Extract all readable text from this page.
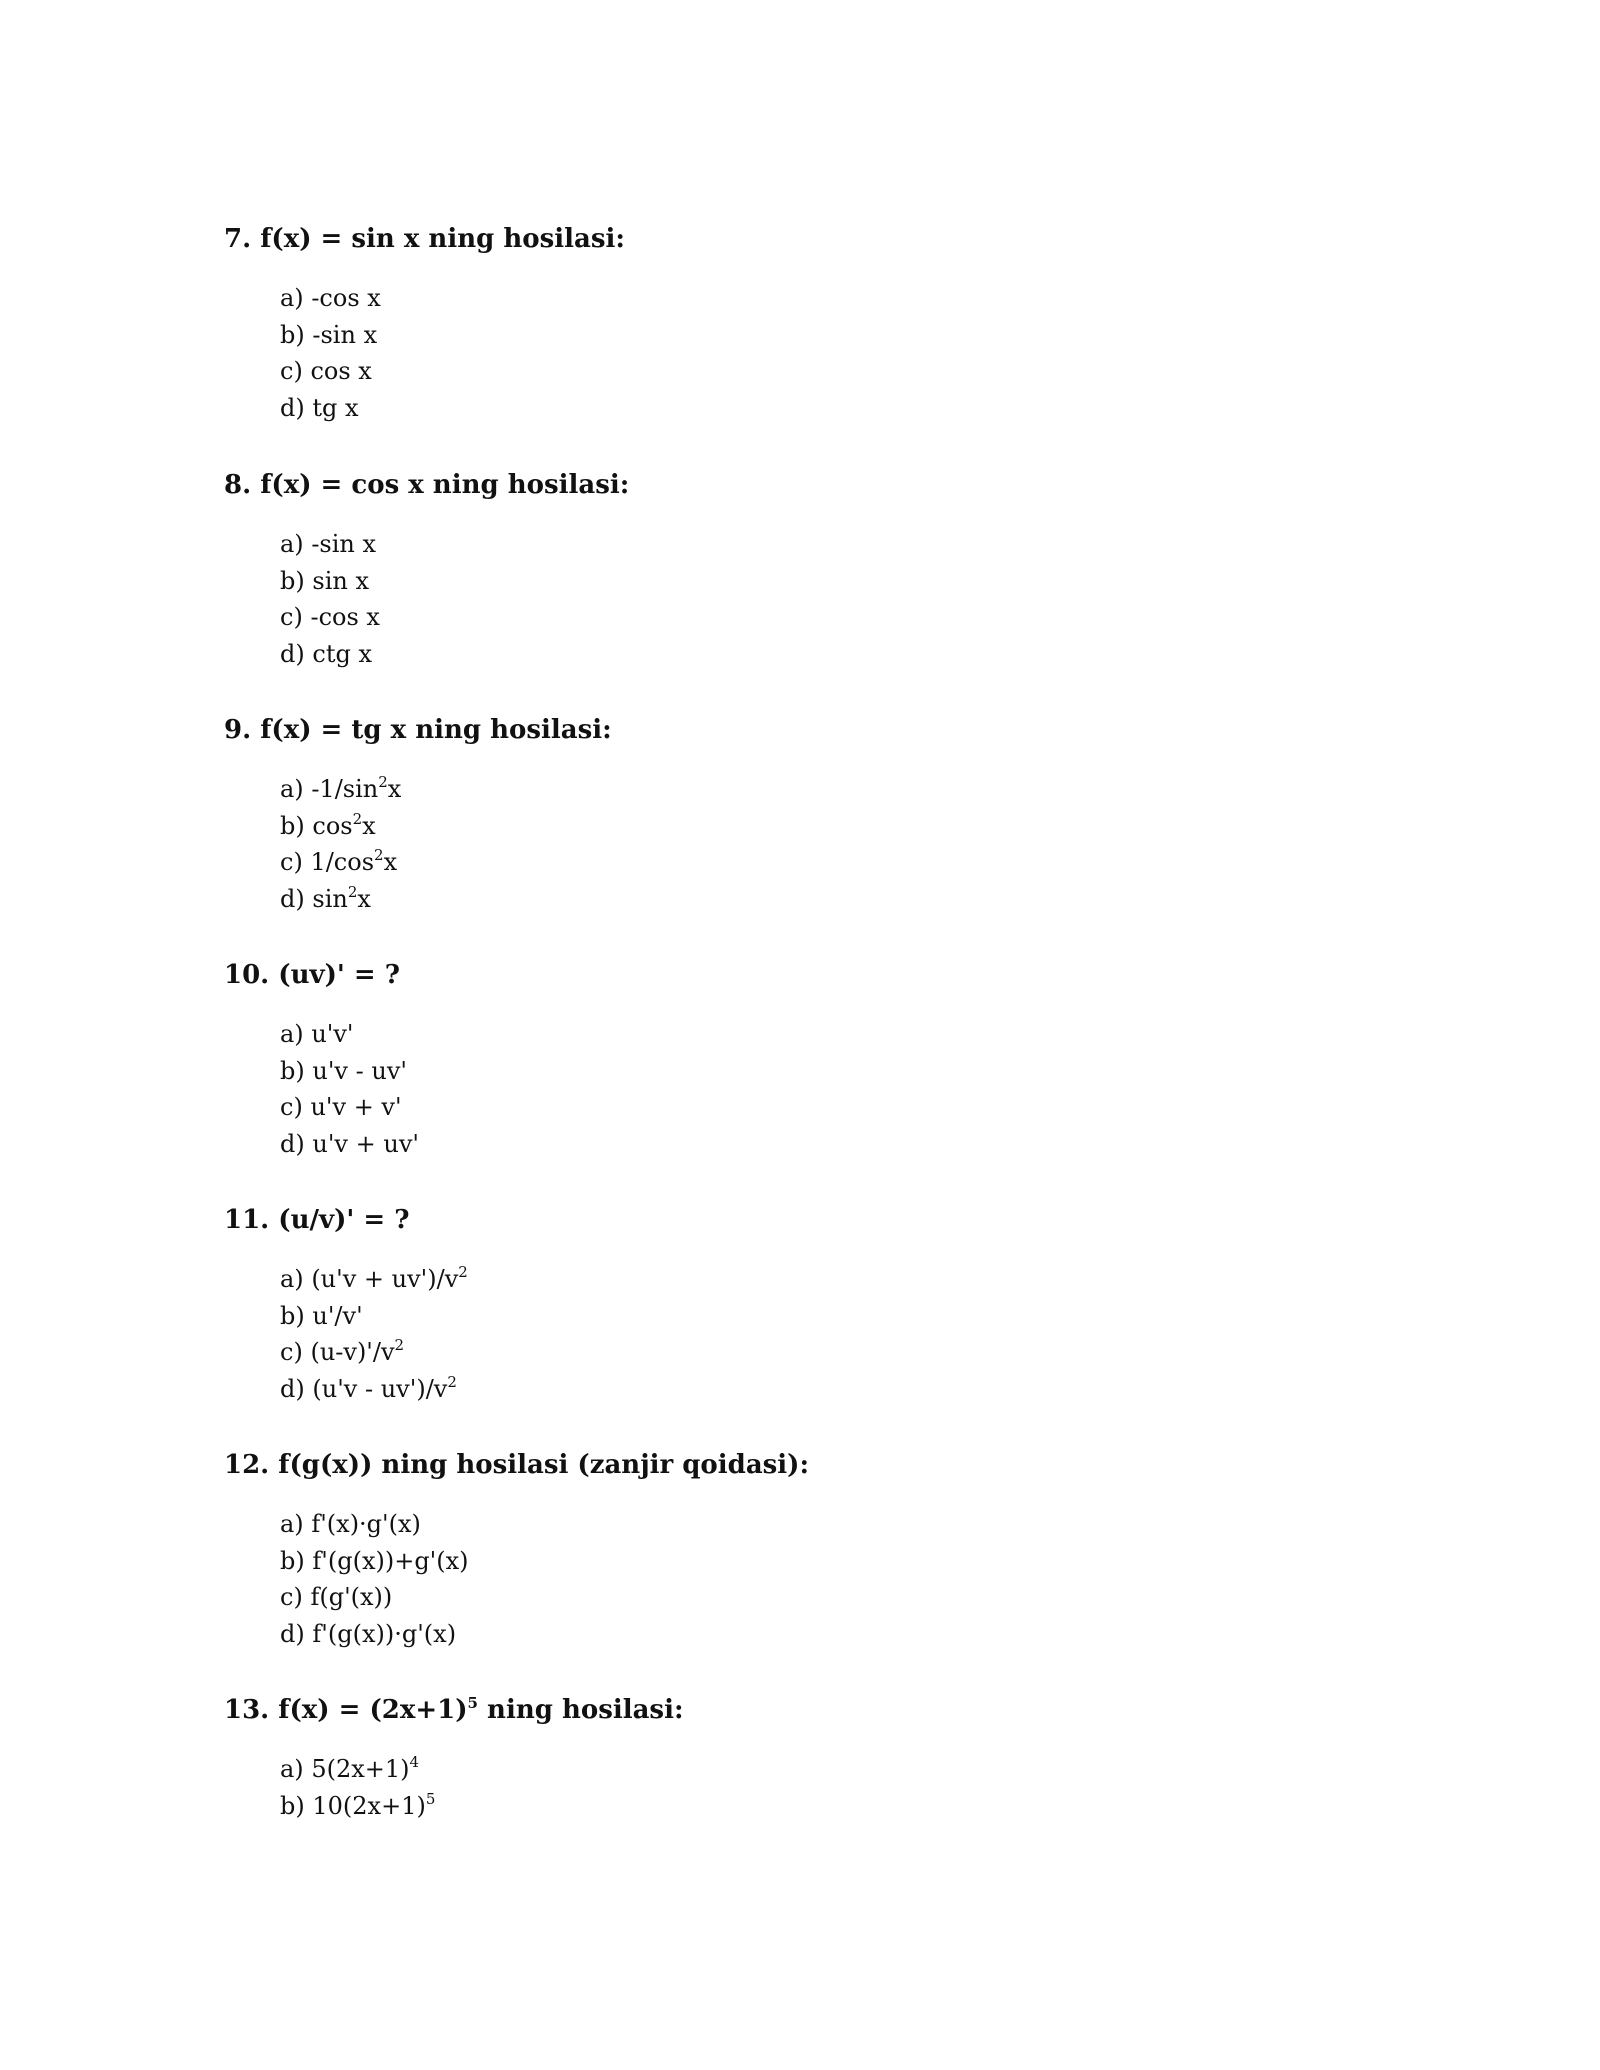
7. f(x) = sin x ning hosilasi:

a) -cos x
b) -sin x
c) cos x
d) tg x

8. f(x) = cos x ning hosilasi:

a) -sin x
b) sin x
c) -cos x
d) ctg x

9. f(x) = tg x ning hosilasi:

a) $-1/\sin^2x$
b) $\cos^2x$
c) $1/\cos^2x$
d) $\sin^2x$

10. (uv)' = ?

a) u'v'
b) u'v - uv'
c) u'v + v'
d) u'v + uv'

11. (u/v)' = ?

a) $(u'v + uv')/v^2$
b) u'/v'
c) $(u-v)'/v^2$
d) $(u'v - uv')/v^2$

12. f(g(x)) ning hosilasi (zanjir qoidasi):

a) f'(x)·g'(x)
b) f'(g(x))+g'(x)
c) f(g'(x))
d) f'(g(x))·g'(x)

13. $f(x) = (2x+1)^5$ ning hosilasi:

a) $5(2x+1)^4$
b) $10(2x+1)^5$
